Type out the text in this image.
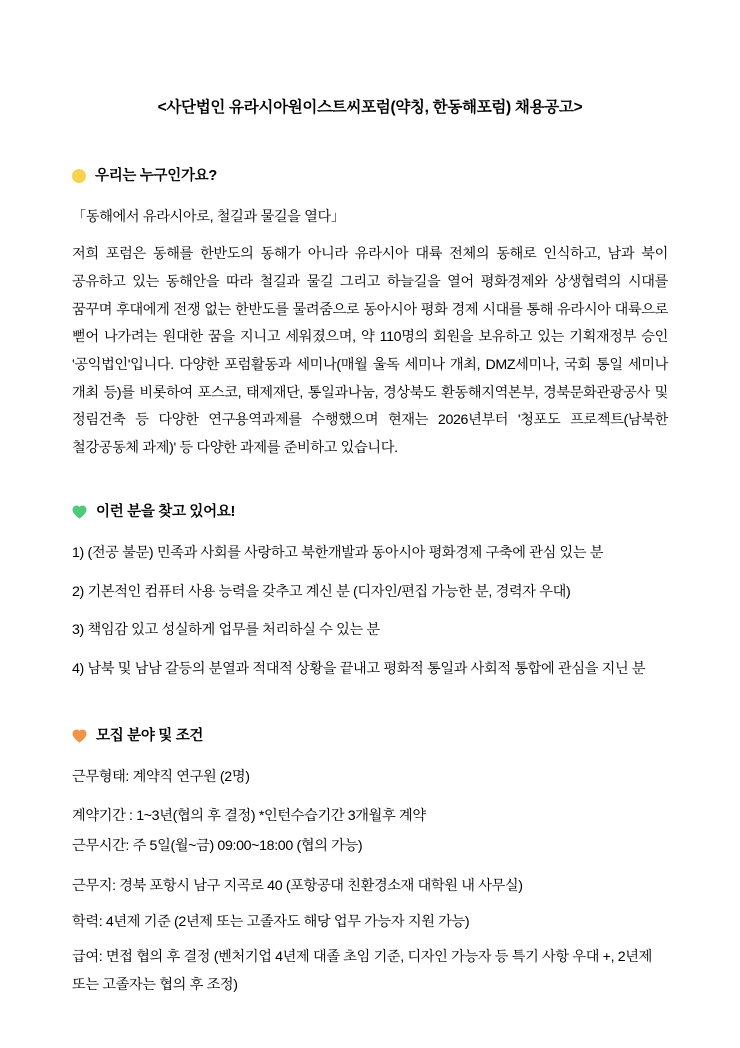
<사단법인 유라시아원이스트씨포럼(약칭, 한동해포럼) 채용공고>
우리는 누구인가요?

「동해에서 유라시아로, 철길과 물길을 열다」

저희 포럼은 동해를 한반도의 동해가 아니라 유라시아 대륙 전체의 동해로 인식하고, 남과 북이 공유하고 있는 동해안을 따라 철길과 물길 그리고 하늘길을 열어 평화경제와 상생협력의 시대를 꿈꾸며 후대에게 전쟁 없는 한반도를 물려줌으로 동아시아 평화 경제 시대를 통해 유라시아 대륙으로 뻗어 나가려는 원대한 꿈을 지니고 세워졌으며, 약 110명의 회원을 보유하고 있는 기획재정부 승인 '공익법인'입니다. 다양한 포럼활동과 세미나(매월 울독 세미나 개최, DMZ세미나, 국회 통일 세미나 개최 등)를 비롯하여 포스코, 태제재단, 통일과나눔, 경상북도 환동해지역본부, 경북문화관광공사 및 정림건축 등 다양한 연구용역과제를 수행했으며 현재는 2026년부터 '청포도 프로젝트(남북한 철강공동체 과제)' 등 다양한 과제를 준비하고 있습니다.

이런 분을 찾고 있어요!

1) (전공 불문) 민족과 사회를 사랑하고 북한개발과 동아시아 평화경제 구축에 관심 있는 분

2) 기본적인 컴퓨터 사용 능력을 갖추고 계신 분 (디자인/편집 가능한 분, 경력자 우대)

3) 책임감 있고 성실하게 업무를 처리하실 수 있는 분

4) 남북 및 남남 갈등의 분열과 적대적 상황을 끝내고 평화적 통일과 사회적 통합에 관심을 지닌 분

모집 분야 및 조건

근무형태: 계약직 연구원 (2명)

계약기간 : 1~3년(협의 후 결정) *인턴수습기간 3개월후 계약

근무시간: 주 5일(월~금) 09:00~18:00 (협의 가능)

근무지: 경북 포항시 남구 지곡로 40 (포항공대 친환경소재 대학원 내 사무실)

학력: 4년제 기준 (2년제 또는 고졸자도 해당 업무 가능자 지원 가능)

급여: 면접 협의 후 결정 (벤처기업 4년제 대졸 초임 기준, 디자인 가능자 등 특기 사항 우대 +, 2년제 또는 고졸자는 협의 후 조정)
